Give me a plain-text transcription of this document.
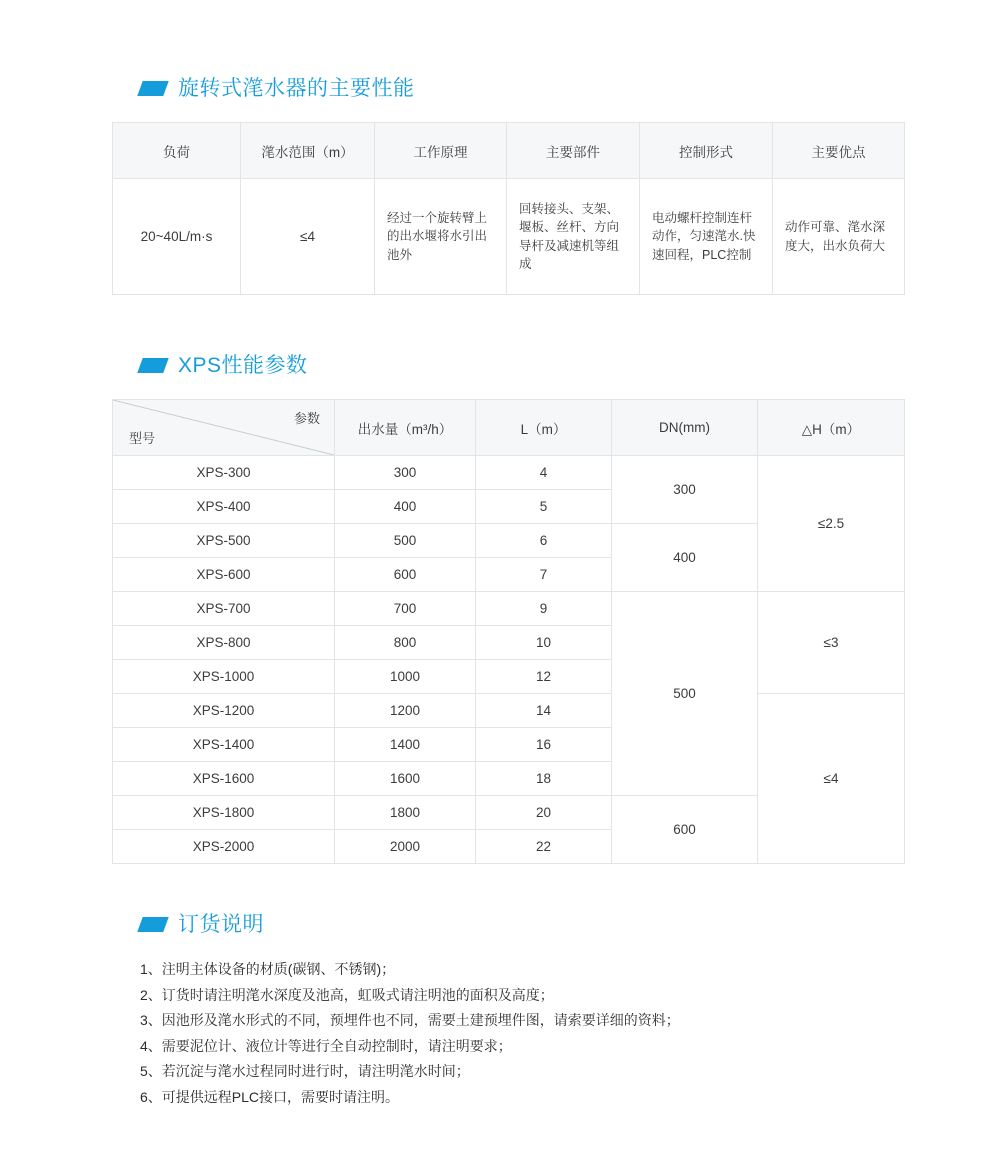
旋转式滗水器的主要性能
负荷	滗水范围（m）	工作原理	主要部件	控制形式	主要优点
20~40L/m·s	≤4	经过一个旋转臂上的出水堰将水引出池外	回转接头、支架、堰板、丝杆、方向导杆及减速机等组成	电动螺杆控制连杆动作，匀速滗水.快速回程，PLC控制	动作可靠、滗水深度大，出水负荷大
XPS性能参数
参数
型号	出水量（m³/h）	L（m）	DN(mm)	△H（m）
XPS-300	300	4	300	≤2.5
XPS-400	400	5		
XPS-500	500	6	400	
XPS-600	600	7		
XPS-700	700	9	500	≤3
XPS-800	800	10		
XPS-1000	1000	12		
XPS-1200	1200	14		≤4
XPS-1400	1400	16		
XPS-1600	1600	18		
XPS-1800	1800	20	600	
XPS-2000	2000	22		
订货说明
1、注明主体设备的材质(碳钢、不锈钢)；
2、订货时请注明滗水深度及池高，虹吸式请注明池的面积及高度；
3、因池形及滗水形式的不同，预埋件也不同，需要土建预埋件图，请索要详细的资料；
4、需要泥位计、液位计等进行全自动控制时，请注明要求；
5、若沉淀与滗水过程同时进行时，请注明滗水时间；
6、可提供远程PLC接口，需要时请注明。
